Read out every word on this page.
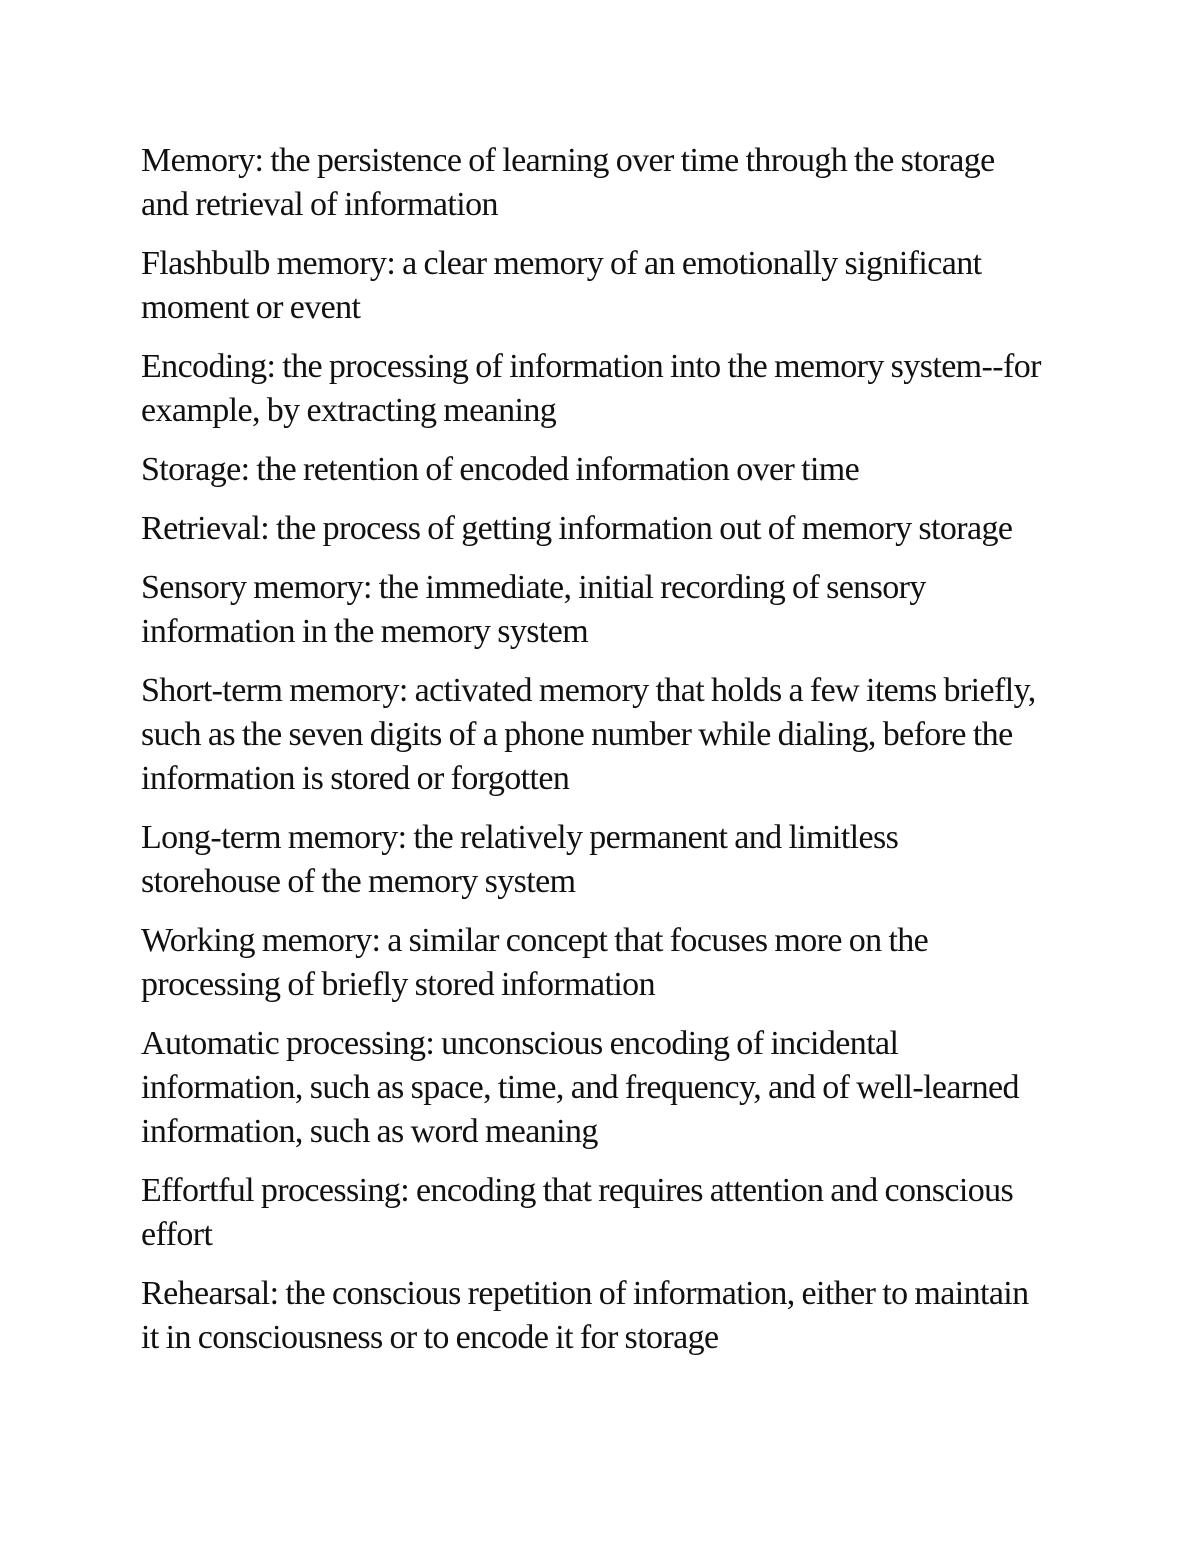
Memory: the persistence of learning over time through the storage and retrieval of information
Flashbulb memory: a clear memory of an emotionally significant moment or event
Encoding: the processing of information into the memory system--for example, by extracting meaning
Storage: the retention of encoded information over time
Retrieval: the process of getting information out of memory storage
Sensory memory: the immediate, initial recording of sensory information in the memory system
Short-term memory: activated memory that holds a few items briefly, such as the seven digits of a phone number while dialing, before the information is stored or forgotten
Long-term memory: the relatively permanent and limitless storehouse of the memory system
Working memory: a similar concept that focuses more on the processing of briefly stored information
Automatic processing: unconscious encoding of incidental information, such as space, time, and frequency, and of well-learned information, such as word meaning
Effortful processing: encoding that requires attention and conscious effort
Rehearsal: the conscious repetition of information, either to maintain it in consciousness or to encode it for storage
